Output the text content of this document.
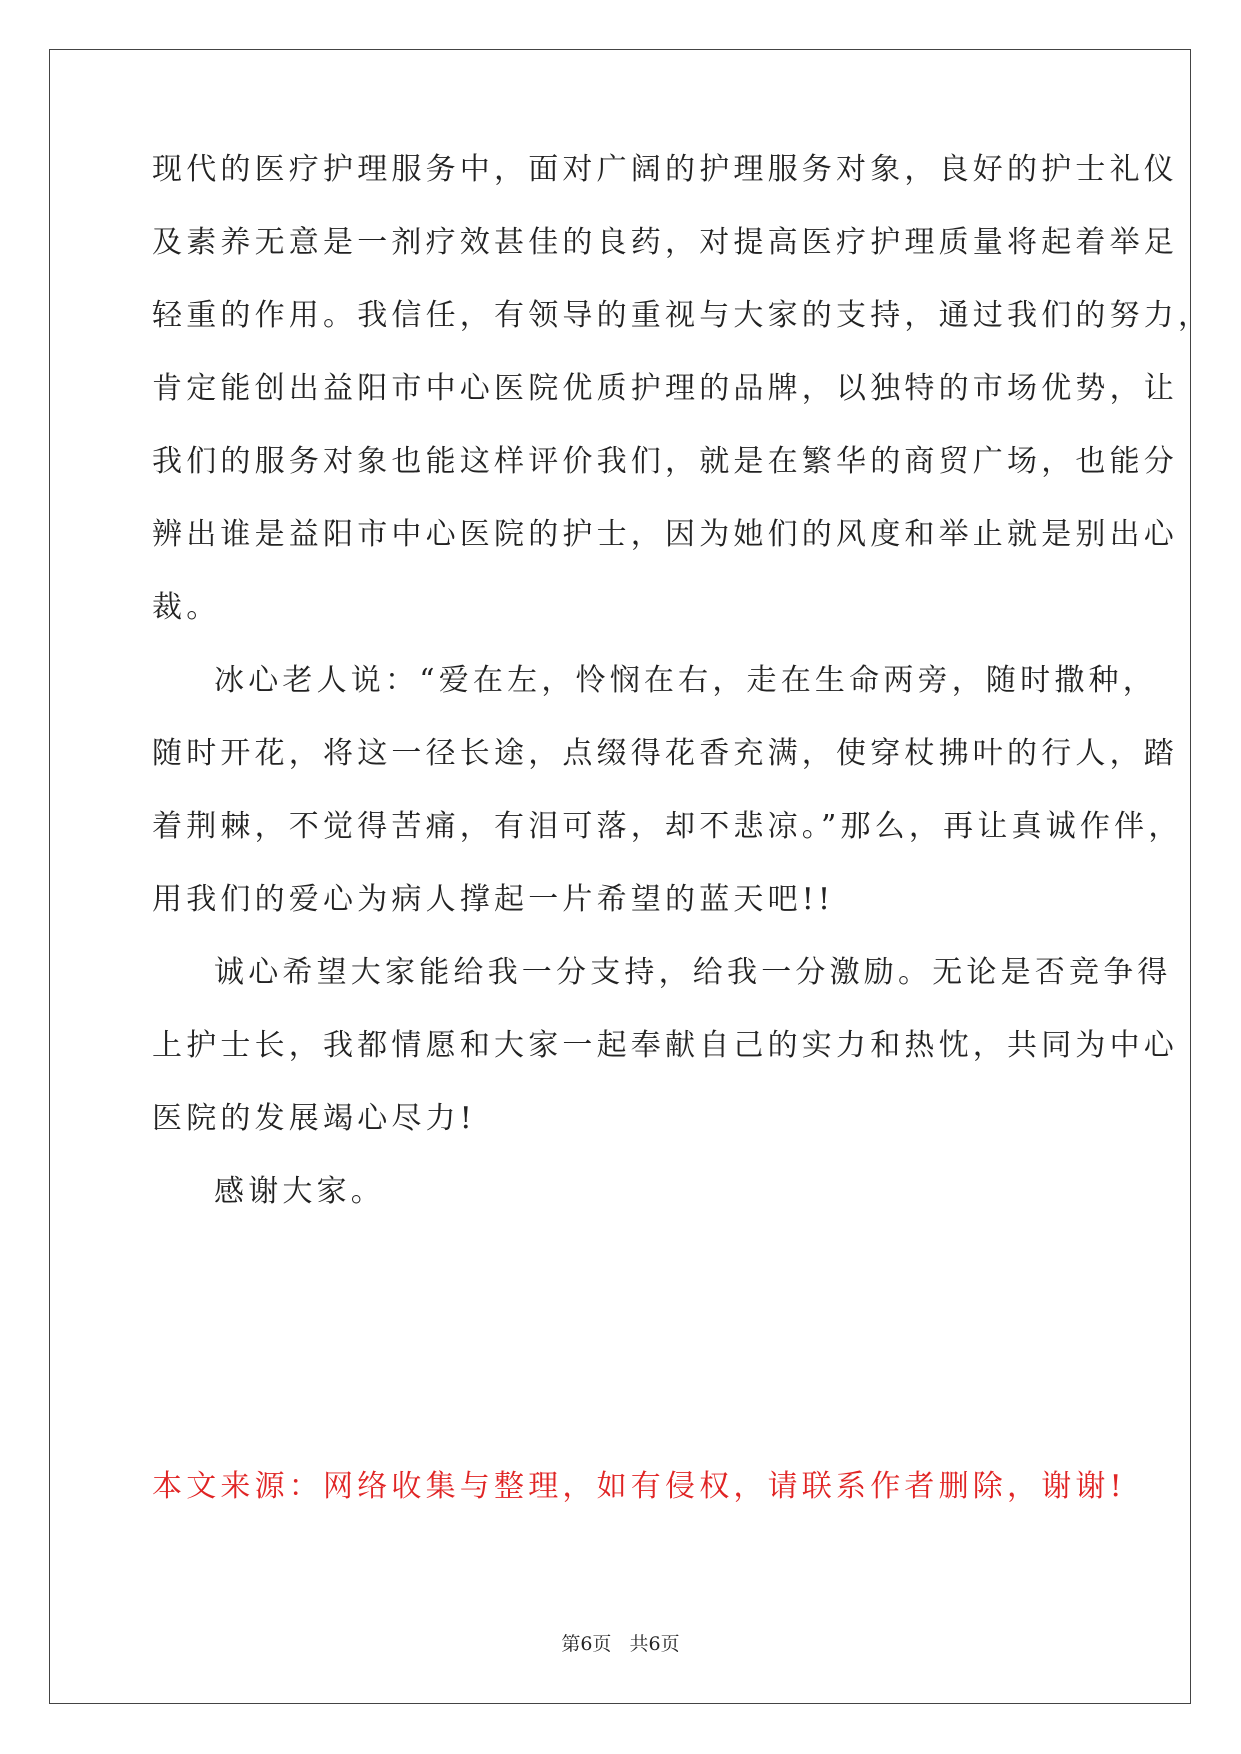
现代的医疗护理服务中，面对广阔的护理服务对象，良好的护士礼仪
及素养无意是一剂疗效甚佳的良药，对提高医疗护理质量将起着举足
轻重的作用。我信任，有领导的重视与大家的支持，通过我们的努力，
肯定能创出益阳市中心医院优质护理的品牌，以独特的市场优势，让
我们的服务对象也能这样评价我们，就是在繁华的商贸广场，也能分
辨出谁是益阳市中心医院的护士，因为她们的风度和举止就是别出心
裁。
冰心老人说：“爱在左，怜悯在右，走在生命两旁，随时撒种，
随时开花，将这一径长途，点缀得花香充满，使穿杖拂叶的行人，踏
着荆棘，不觉得苦痛，有泪可落，却不悲凉。”那么，再让真诚作伴，
用我们的爱心为病人撑起一片希望的蓝天吧!!
诚心希望大家能给我一分支持，给我一分激励。无论是否竞争得
上护士长，我都情愿和大家一起奉献自己的实力和热忱，共同为中心
医院的发展竭心尽力!
感谢大家。
本文来源：网络收集与整理，如有侵权，请联系作者删除，谢谢!
第6页   共6页
